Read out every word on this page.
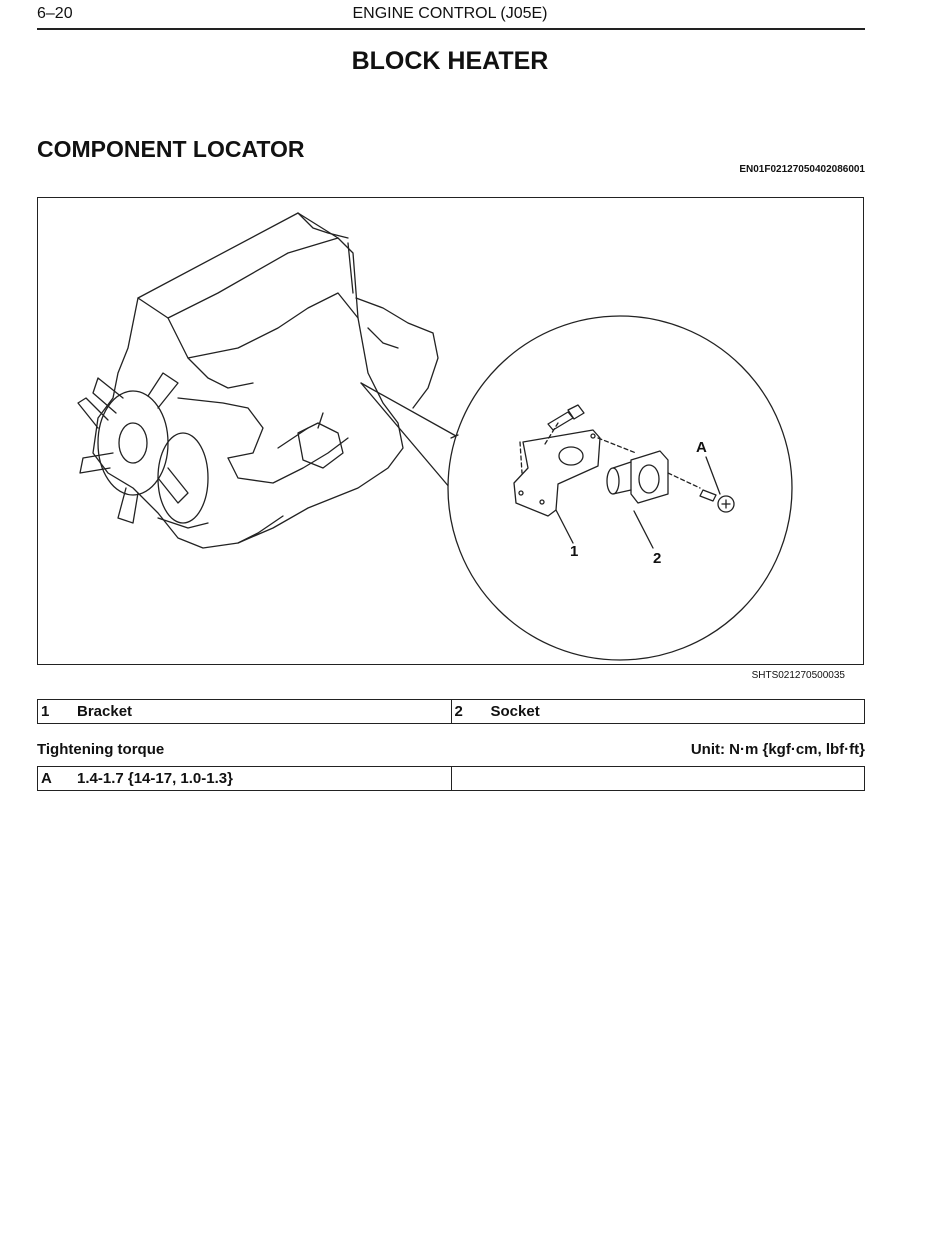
6–20	ENGINE CONTROL (J05E)
BLOCK HEATER
COMPONENT LOCATOR
EN01F02127050402086001
1	2
A
SHTS021270500035
1 Bracket	2 Socket
Tightening torque	Unit: N·m {kgf·cm, lbf·ft}
A 1.4-1.7 {14-17, 1.0-1.3}	
